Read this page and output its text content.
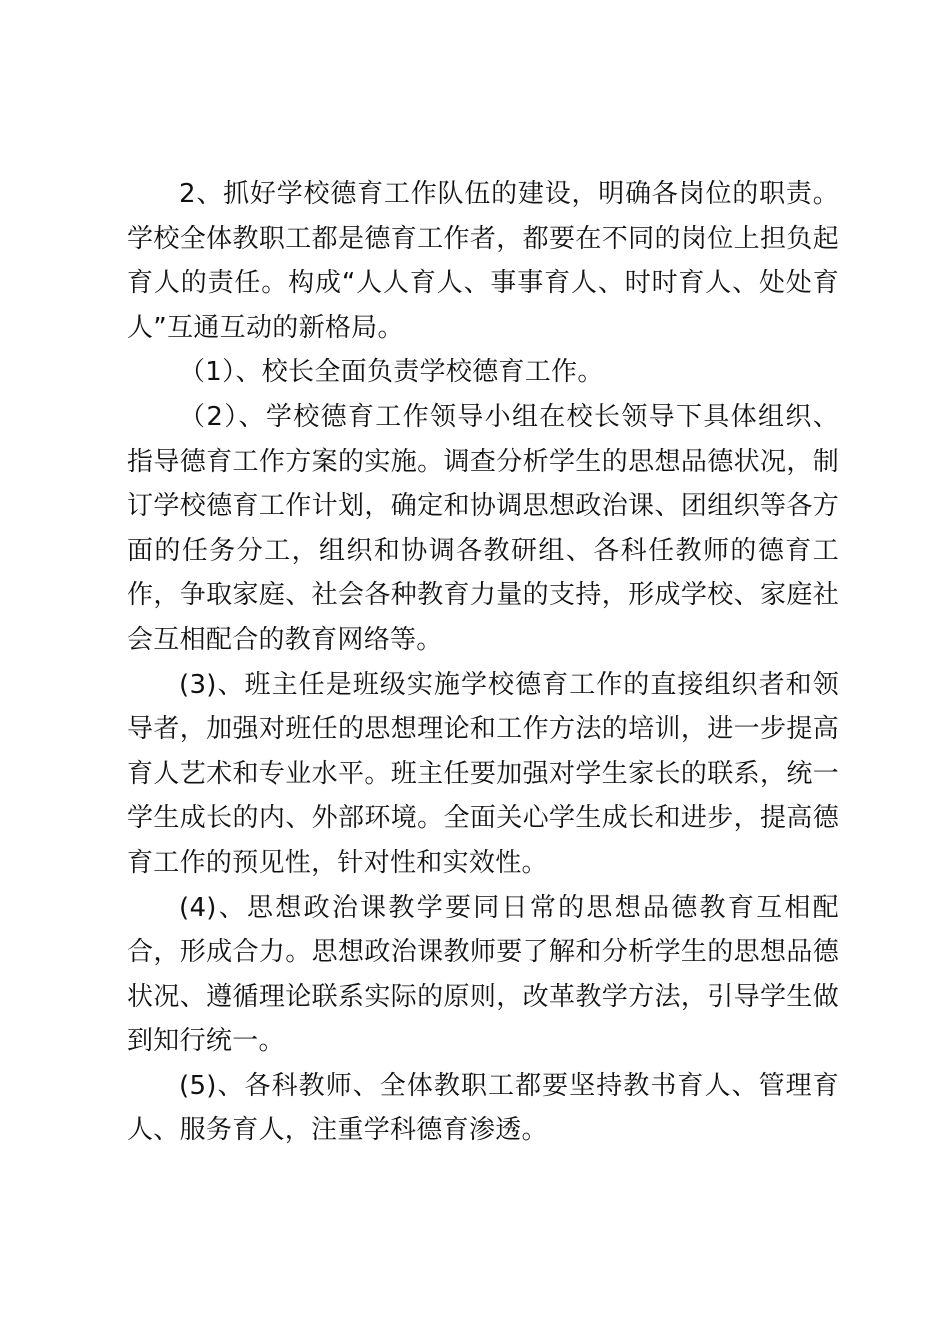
2、抓好学校德育工作队伍的建设，明确各岗位的职责。学校全体教职工都是德育工作者，都要在不同的岗位上担负起育人的责任。构成“人人育人、事事育人、时时育人、处处育人”互通互动的新格局。

（1）、校长全面负责学校德育工作。

（2）、学校德育工作领导小组在校长领导下具体组织、指导德育工作方案的实施。调查分析学生的思想品德状况，制订学校德育工作计划，确定和协调思想政治课、团组织等各方面的任务分工，组织和协调各教研组、各科任教师的德育工作，争取家庭、社会各种教育力量的支持，形成学校、家庭社会互相配合的教育网络等。

(3)、班主任是班级实施学校德育工作的直接组织者和领导者，加强对班任的思想理论和工作方法的培训，进一步提高育人艺术和专业水平。班主任要加强对学生家长的联系，统一学生成长的内、外部环境。全面关心学生成长和进步，提高德育工作的预见性，针对性和实效性。

(4)、思想政治课教学要同日常的思想品德教育互相配合，形成合力。思想政治课教师要了解和分析学生的思想品德状况、遵循理论联系实际的原则，改革教学方法，引导学生做到知行统一。

(5)、各科教师、全体教职工都要坚持教书育人、管理育人、服务育人，注重学科德育渗透。
